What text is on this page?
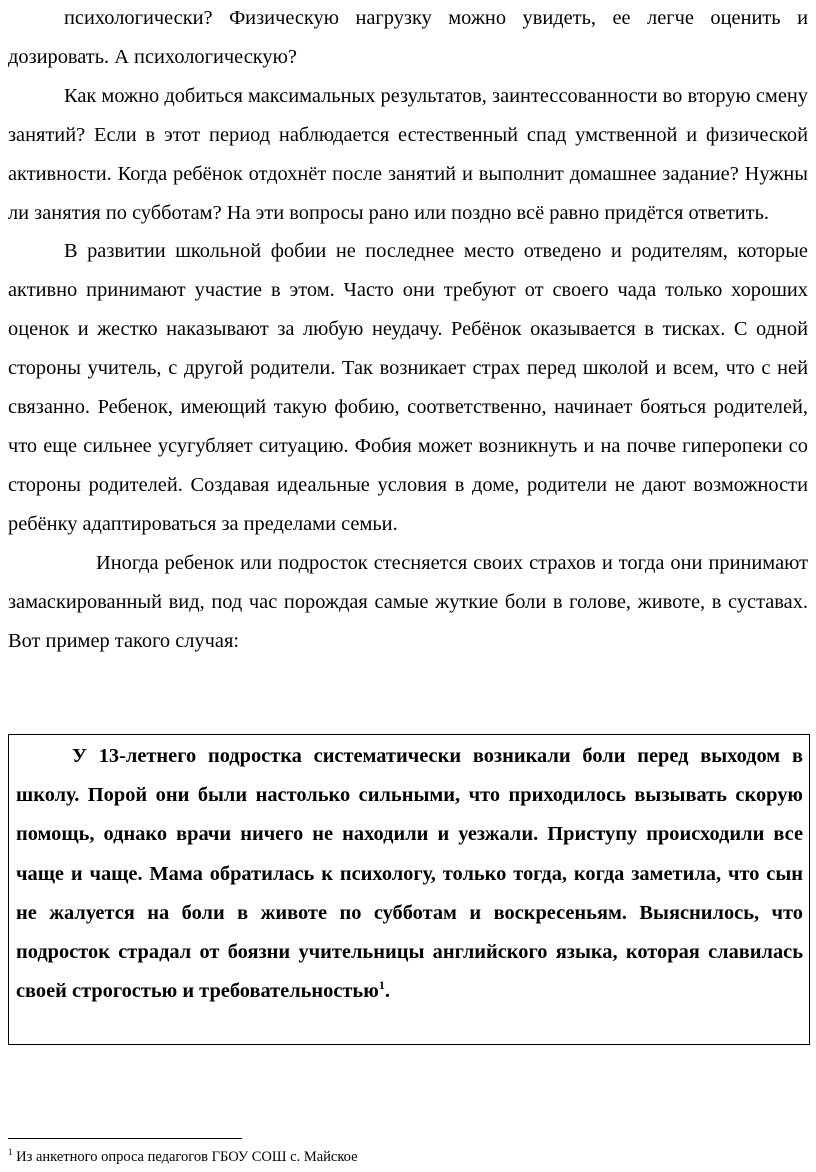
психологически? Физическую нагрузку можно увидеть, ее легче оценить и дозировать. А психологическую?

Как можно добиться максимальных результатов, заинтессованности во вторую смену занятий? Если в этот период наблюдается естественный спад умственной и физической активности. Когда ребёнок отдохнёт после занятий и выполнит домашнее задание? Нужны ли занятия по субботам? На эти вопросы рано или поздно всё равно придётся ответить.

В развитии школьной фобии не последнее место отведено и родителям, которые активно принимают участие в этом. Часто они требуют от своего чада только хороших оценок и жестко наказывают за любую неудачу. Ребёнок оказывается в тисках. С одной стороны учитель, с другой родители. Так возникает страх перед школой и всем, что с ней связанно. Ребенок, имеющий такую фобию, соответственно, начинает бояться родителей, что еще сильнее усугубляет ситуацию. Фобия может возникнуть и на почве гиперопеки со стороны родителей. Создавая идеальные условия в доме, родители не дают возможности ребёнку адаптироваться за пределами семьи.

Иногда ребенок или подросток стесняется своих страхов и тогда они принимают замаскированный вид, под час порождая самые жуткие боли в голове, животе, в суставах. Вот пример такого случая:

У 13-летнего подростка систематически возникали боли перед выходом в школу. Порой они были настолько сильными, что приходилось вызывать скорую помощь, однако врачи ничего не находили и уезжали. Приступу происходили все чаще и чаще. Мама обратилась к психологу, только тогда, когда заметила, что сын не жалуется на боли в животе по субботам и воскресеньям. Выяснилось, что подросток страдал от боязни учительницы английского языка, которая славилась своей строгостью и требовательностью$^1$.

$^1$ Из анкетного опроса педагогов ГБОУ СОШ с. Майское
